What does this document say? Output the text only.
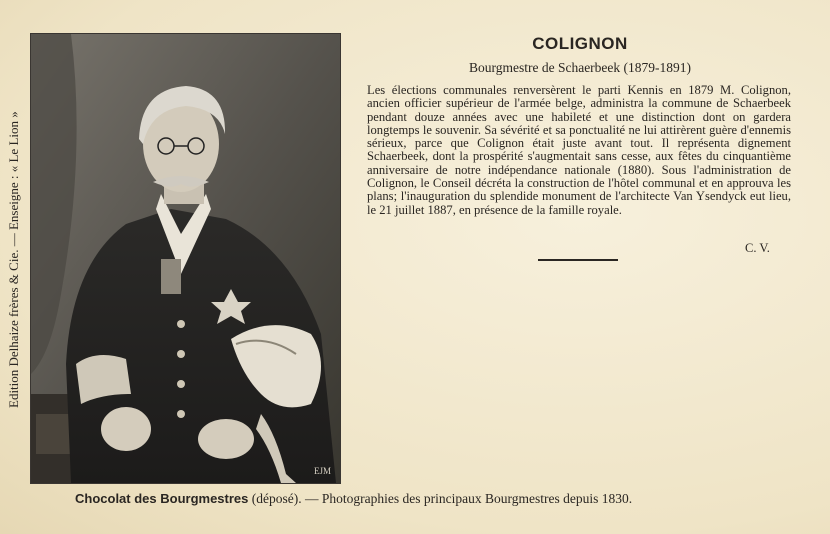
Edition Delhaize frères & Cie. — Enseigne : « Le Lion »
EJM
COLIGNON
Bourgmestre de Schaerbeek (1879-1891)

Les élections communales renversèrent le parti Kennis en 1879 M. Colignon, ancien officier supérieur de l'armée belge, administra la commune de Schaerbeek pendant douze années avec une habileté et une distinction dont on gardera longtemps le souvenir. Sa sévérité et sa ponctualité ne lui attirèrent guère d'ennemis sérieux, parce que Colignon était juste avant tout. Il représenta dignement Schaerbeek, dont la prospérité s'augmentait sans cesse, aux fêtes du cinquantième anniversaire de notre indépendance nationale (1880). Sous l'administration de Colignon, le Conseil décréta la construction de l'hôtel communal et en approuva les plans; l'inauguration du splendide monument de l'architecte Van Ysendyck eut lieu, le 21 juillet 1887, en présence de la famille royale.

C. V.
Chocolat des Bourgmestres (déposé). — Photographies des principaux Bourgmestres depuis 1830.
